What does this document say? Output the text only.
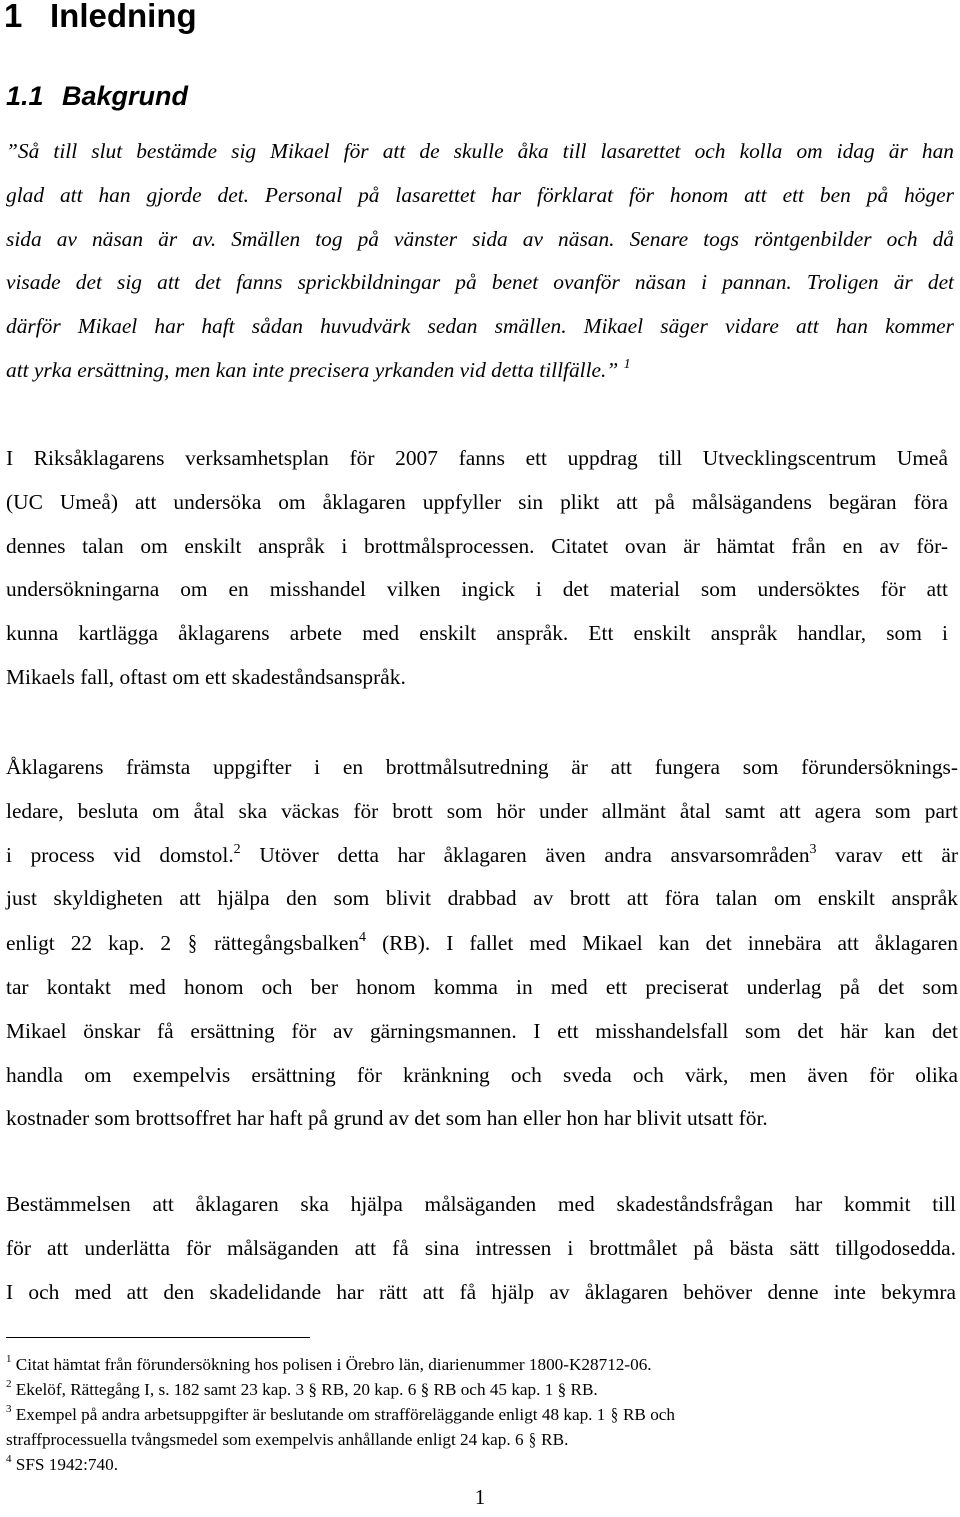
1 Inledning
1.1 Bakgrund
”Så till slut bestämde sig Mikael för att de skulle åka till lasarettet och kolla om idag är han
glad att han gjorde det. Personal på lasarettet har förklarat för honom att ett ben på höger
sida av näsan är av. Smällen tog på vänster sida av näsan. Senare togs röntgenbilder och då
visade det sig att det fanns sprickbildningar på benet ovanför näsan i pannan. Troligen är det
därför Mikael har haft sådan huvudvärk sedan smällen. Mikael säger vidare att han kommer
att yrka ersättning, men kan inte precisera yrkanden vid detta tillfälle.” $^1$
I Riksåklagarens verksamhetsplan för 2007 fanns ett uppdrag till Utvecklingscentrum Umeå
(UC Umeå) att undersöka om åklagaren uppfyller sin plikt att på målsägandens begäran föra
dennes talan om enskilt anspråk i brottmålsprocessen. Citatet ovan är hämtat från en av för-
undersökningarna om en misshandel vilken ingick i det material som undersöktes för att
kunna kartlägga åklagarens arbete med enskilt anspråk. Ett enskilt anspråk handlar, som i
Mikaels fall, oftast om ett skadeståndsanspråk.
Åklagarens främsta uppgifter i en brottmålsutredning är att fungera som förundersöknings-
ledare, besluta om åtal ska väckas för brott som hör under allmänt åtal samt att agera som part
i process vid domstol.$^2$ Utöver detta har åklagaren även andra ansvarsområden$^3$ varav ett är
just skyldigheten att hjälpa den som blivit drabbad av brott att föra talan om enskilt anspråk
enligt 22 kap. 2 § rättegångsbalken$^4$ (RB). I fallet med Mikael kan det innebära att åklagaren
tar kontakt med honom och ber honom komma in med ett preciserat underlag på det som
Mikael önskar få ersättning för av gärningsmannen. I ett misshandelsfall som det här kan det
handla om exempelvis ersättning för kränkning och sveda och värk, men även för olika
kostnader som brottsoffret har haft på grund av det som han eller hon har blivit utsatt för.
Bestämmelsen att åklagaren ska hjälpa målsäganden med skadeståndsfrågan har kommit till
för att underlätta för målsäganden att få sina intressen i brottmålet på bästa sätt tillgodosedda.
I och med att den skadelidande har rätt att få hjälp av åklagaren behöver denne inte bekymra
$^1$ Citat hämtat från förundersökning hos polisen i Örebro län, diarienummer 1800-K28712-06.
$^2$ Ekelöf, Rättegång I, s. 182 samt 23 kap. 3 § RB, 20 kap. 6 § RB och 45 kap. 1 § RB.
$^3$ Exempel på andra arbetsuppgifter är beslutande om strafföreläggande enligt 48 kap. 1 § RB och
straffprocessuella tvångsmedel som exempelvis anhållande enligt 24 kap. 6 § RB.
$^4$ SFS 1942:740.
1
